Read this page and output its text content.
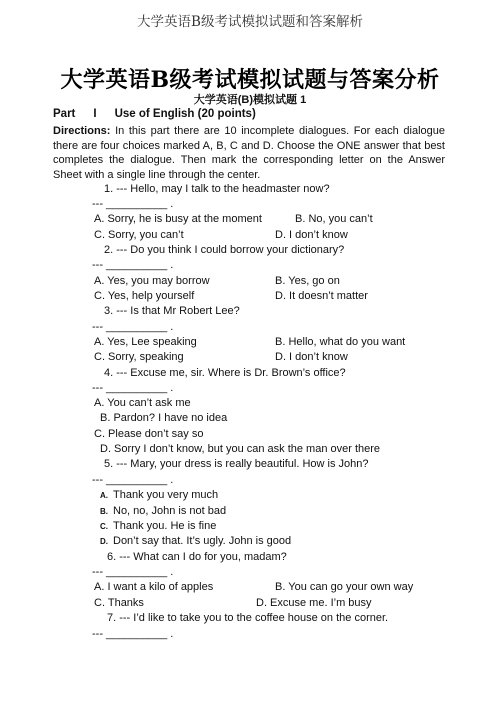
大学英语B级考试模拟试题和答案解析
大学英语B级考试模拟试题与答案分析
大学英语(B)模拟试题 1
Part I Use of English (20 points)
Directions: In this part there are 10 incomplete dialogues. For each dialogue there are four choices marked A, B, C and D. Choose the ONE answer that best completes the dialogue. Then mark the corresponding letter on the Answer Sheet with a single line through the center.
1. --- Hello, may I talk to the headmaster now?
--- __________ .
A. Sorry, he is busy at the moment	B. No, you can’t
C. Sorry, you can’t	D. I don’t know
2. --- Do you think I could borrow your dictionary?
--- __________ .
A. Yes, you may borrow	B. Yes, go on
C. Yes, help yourself	D. It doesn’t matter
3. --- Is that Mr Robert Lee?
--- __________ .
A. Yes, Lee speaking	B. Hello, what do you want
C. Sorry, speaking	D. I don’t know
4. --- Excuse me, sir. Where is Dr. Brown’s office?
--- __________ .
A. You can’t ask me
B. Pardon? I have no idea
C. Please don’t say so
D. Sorry I don’t know, but you can ask the man over there
5. --- Mary, your dress is really beautiful. How is John?
--- __________ .
A. Thank you very much
B. No, no, John is not bad
C. Thank you. He is fine
D. Don’t say that. It’s ugly. John is good
6. --- What can I do for you, madam?
--- __________ .
A. I want a kilo of apples	B. You can go your own way
C. Thanks	D. Excuse me. I’m busy
7. --- I’d like to take you to the coffee house on the corner.
--- __________ .
